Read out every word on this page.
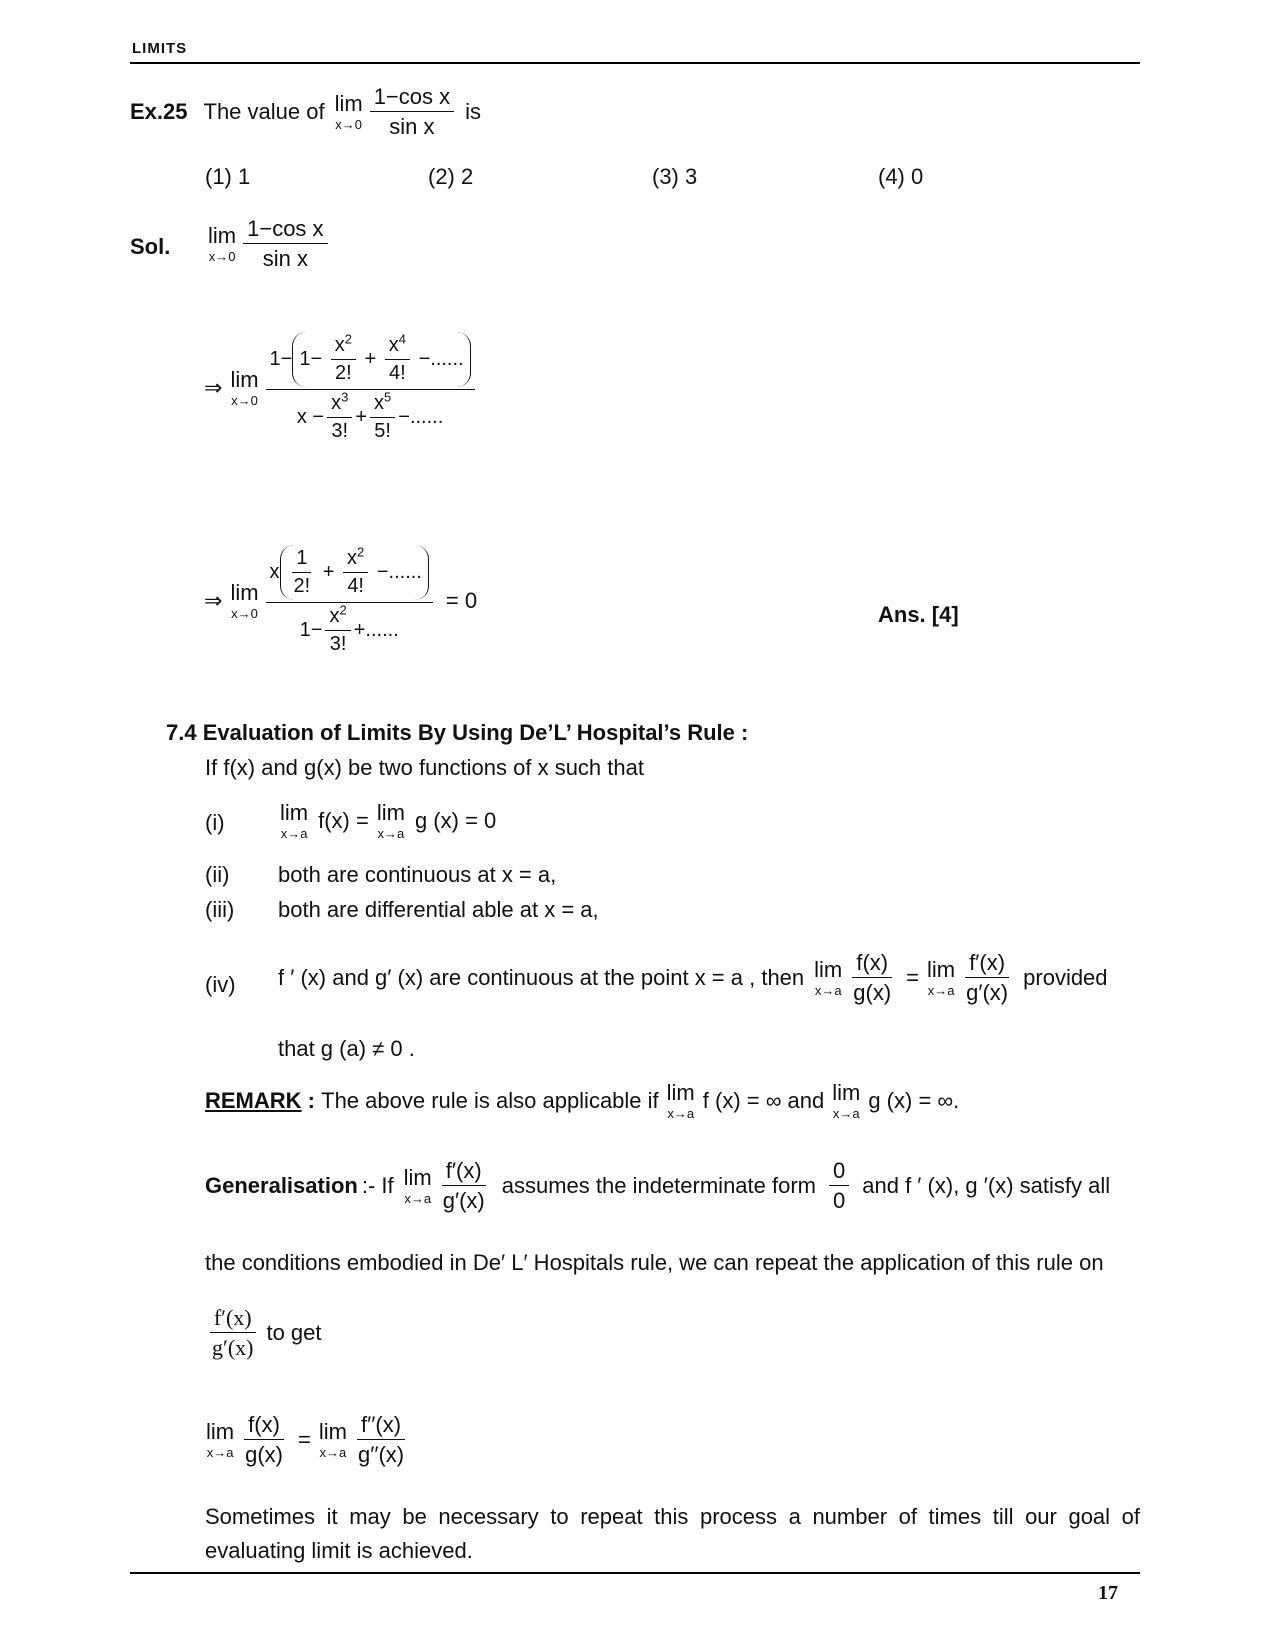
LIMITS
Ex.25 The value of lim
x→0
1−cos x
sin x
is
(1) 1	(2) 2	(3) 3	(4) 0
Sol. lim
x→0
1−cos x
sin x
⇒ lim
x→0
$1- 1- \frac{x^2}{2!} + \frac{x^4}{4!}$ −......
$x - \frac{x^3}{3!} + \frac{x^5}{5!}$ −......
⇒ lim
$x\to 0 \frac{x \frac{1}{2!} + \frac{x^2}{4!} -......}{1- \frac{x^2}{3!} +......} = 0$
Ans. [4]
7.4 Evaluation of Limits By Using De’L’ Hospital’s Rule :
If f(x) and g(x) be two functions of x such that
(i)	lim
x→a
f(x) = lim
x→a
g (x) = 0
(ii) both are continuous at x = a,
(iii) both are differential able at x = a,
(iv) f ′ (x) and g′ (x) are continuous at the point x = a , then lim
$x\to a \frac{f(x)}{g(x)} = \lim$
x→a
f′(x)
g′(x)
provided
that g (a) ≠ 0 .
REMARK : The above rule is also applicable if lim
x→a
f (x) = ∞ and lim
x→a
g (x) = ∞.
Generalisation :- If lim
x→a
f′(x)
g′(x)
assumes the indeterminate form
0
0
and f ′ (x), g ′(x) satisfy all
the conditions embodied in De′ L′ Hospitals rule, we can repeat the application of this rule on
f′(x)
g′(x)
to get
lim
$x\to a \frac{f(x)}{g(x)} = \lim$
x→a
f′′(x)
g′′(x)
Sometimes it may be necessary to repeat this process a number of times till our goal of evaluating limit is achieved.
17
